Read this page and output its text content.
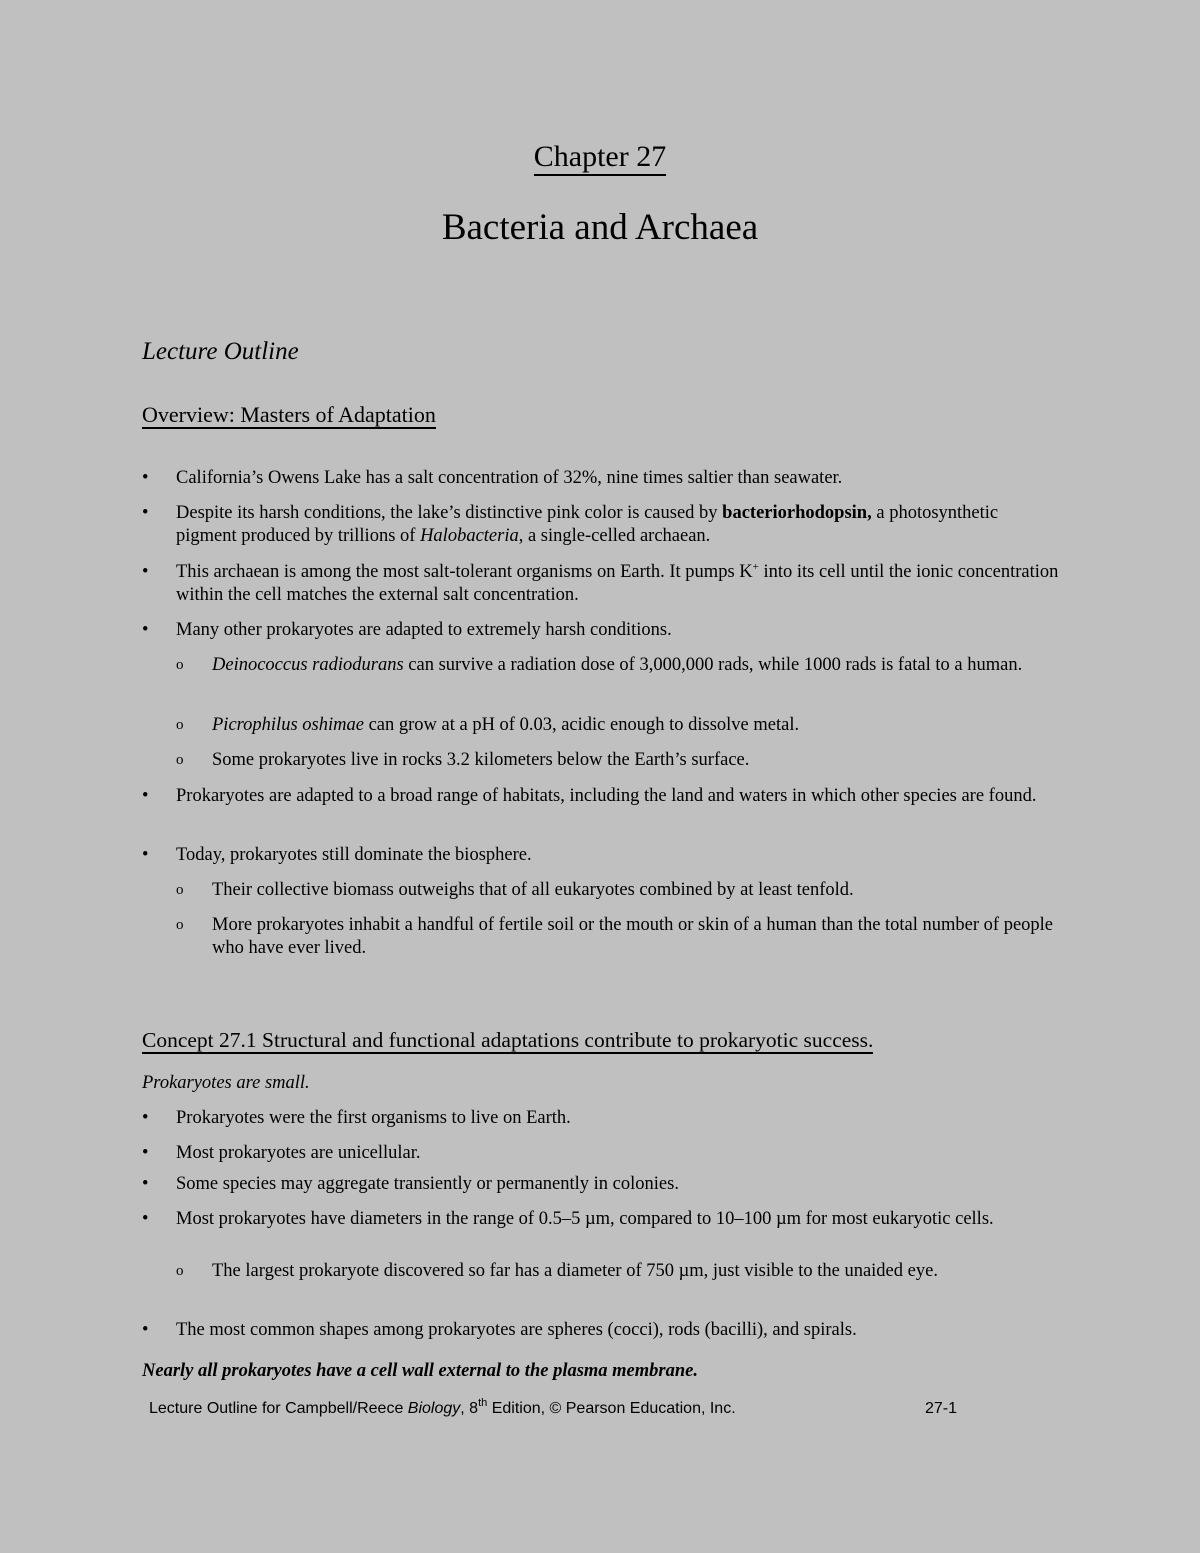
Chapter 27
Bacteria and Archaea
Lecture Outline
Overview: Masters of Adaptation
• California’s Owens Lake has a salt concentration of 32%, nine times saltier than seawater.
• Despite its harsh conditions, the lake’s distinctive pink color is caused by bacteriorhodopsin, a photosynthetic pigment produced by trillions of Halobacteria, a single-celled archaean.
• This archaean is among the most salt-tolerant organisms on Earth. It pumps K+ into its cell until the ionic concentration within the cell matches the external salt concentration.
• Many other prokaryotes are adapted to extremely harsh conditions.
o Deinococcus radiodurans can survive a radiation dose of 3,000,000 rads, while 1000 rads is fatal to a human.
o Picrophilus oshimae can grow at a pH of 0.03, acidic enough to dissolve metal.
o Some prokaryotes live in rocks 3.2 kilometers below the Earth’s surface.
• Prokaryotes are adapted to a broad range of habitats, including the land and waters in which other species are found.
• Today, prokaryotes still dominate the biosphere.
o Their collective biomass outweighs that of all eukaryotes combined by at least tenfold.
o More prokaryotes inhabit a handful of fertile soil or the mouth or skin of a human than the total number of people who have ever lived.
Concept 27.1 Structural and functional adaptations contribute to prokaryotic success.
Prokaryotes are small.
• Prokaryotes were the first organisms to live on Earth.
• Most prokaryotes are unicellular.
• Some species may aggregate transiently or permanently in colonies.
• Most prokaryotes have diameters in the range of 0.5–5 µm, compared to 10–100 µm for most eukaryotic cells.
o The largest prokaryote discovered so far has a diameter of 750 µm, just visible to the unaided eye.
• The most common shapes among prokaryotes are spheres (cocci), rods (bacilli), and spirals.
Nearly all prokaryotes have a cell wall external to the plasma membrane.
Lecture Outline for Campbell/Reece Biology, 8th Edition, © Pearson Education, Inc.	27-1
